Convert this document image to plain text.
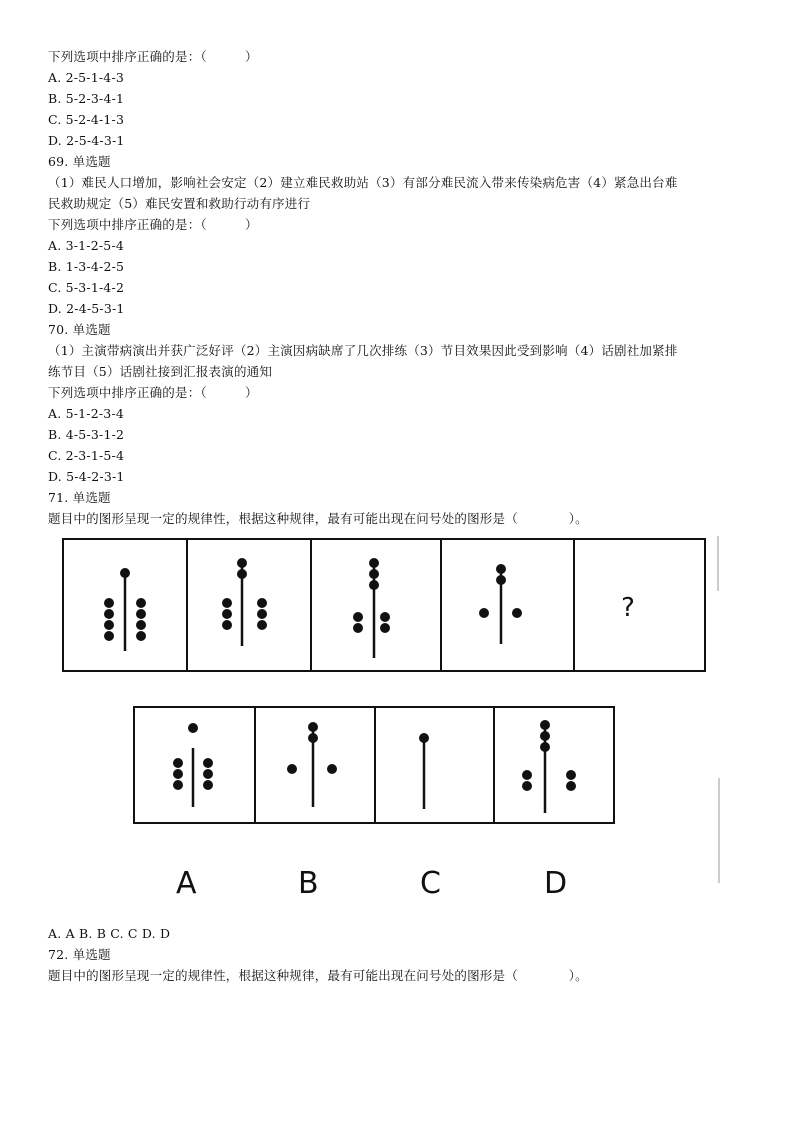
下列选项中排序正确的是：（　　　）
A. 2-5-1-4-3
B. 5-2-3-4-1
C. 5-2-4-1-3
D. 2-5-4-3-1
69. 单选题
（1）难民人口增加，影响社会安定（2）建立难民救助站（3）有部分难民流入带来传染病危害（4）紧急出台难
民救助规定（5）难民安置和救助行动有序进行
下列选项中排序正确的是：（　　　）
A. 3-1-2-5-4
B. 1-3-4-2-5
C. 5-3-1-4-2
D. 2-4-5-3-1
70. 单选题
（1）主演带病演出并获广泛好评（2）主演因病缺席了几次排练（3）节目效果因此受到影响（4）话剧社加紧排
练节目（5）话剧社接到汇报表演的通知
下列选项中排序正确的是：（　　　）
A. 5-1-2-3-4
B. 4-5-3-1-2
C. 2-3-1-5-4
D. 5-4-2-3-1
71. 单选题
题目中的图形呈现一定的规律性，根据这种规律，最有可能出现在问号处的图形是（　　　　）。
A. A B. B C. C D. D
72. 单选题
题目中的图形呈现一定的规律性，根据这种规律，最有可能出现在问号处的图形是（　　　　）。
?
A	B	C	D
